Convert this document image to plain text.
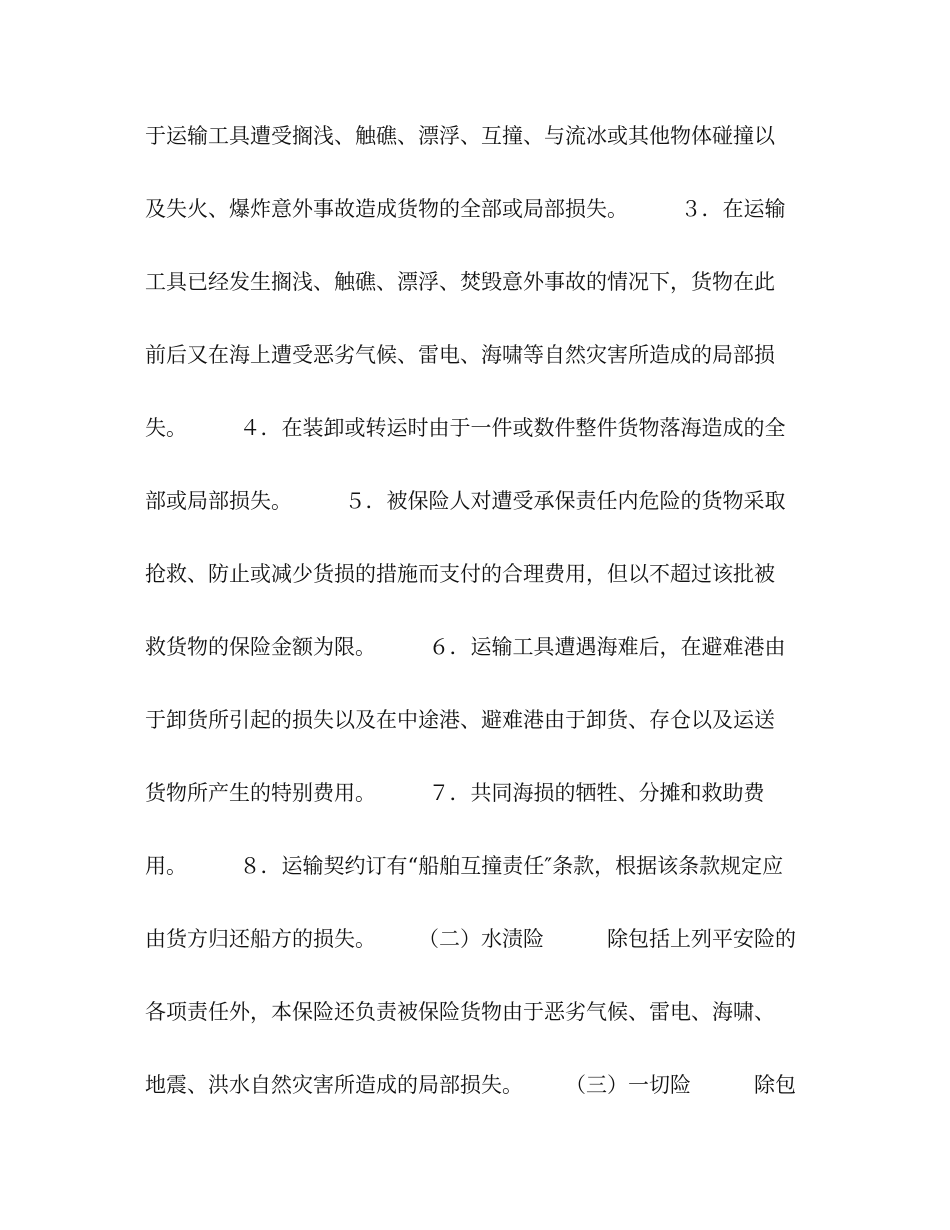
于运输工具遭受搁浅、触礁、漂浮、互撞、与流冰或其他物体碰撞以
及失火、爆炸意外事故造成货物的全部或局部损失。　　　３．在运输
工具已经发生搁浅、触礁、漂浮、焚毁意外事故的情况下，货物在此
前后又在海上遭受恶劣气候、雷电、海啸等自然灾害所造成的局部损
失。　　　４．在装卸或转运时由于一件或数件整件货物落海造成的全
部或局部损失。　　　５．被保险人对遭受承保责任内危险的货物采取
抢救、防止或减少货损的措施而支付的合理费用，但以不超过该批被
救货物的保险金额为限。　　　６．运输工具遭遇海难后，在避难港由
于卸货所引起的损失以及在中途港、避难港由于卸货、存仓以及运送
货物所产生的特别费用。　　　７．共同海损的牺牲、分摊和救助费
用。　　　８．运输契约订有“船舶互撞责任″条款，根据该条款规定应
由货方归还船方的损失。　　　（二）水渍险　　　除包括上列平安险的
各项责任外，本保险还负责被保险货物由于恶劣气候、雷电、海啸、
地震、洪水自然灾害所造成的局部损失。　　　（三）一切险　　　除包
